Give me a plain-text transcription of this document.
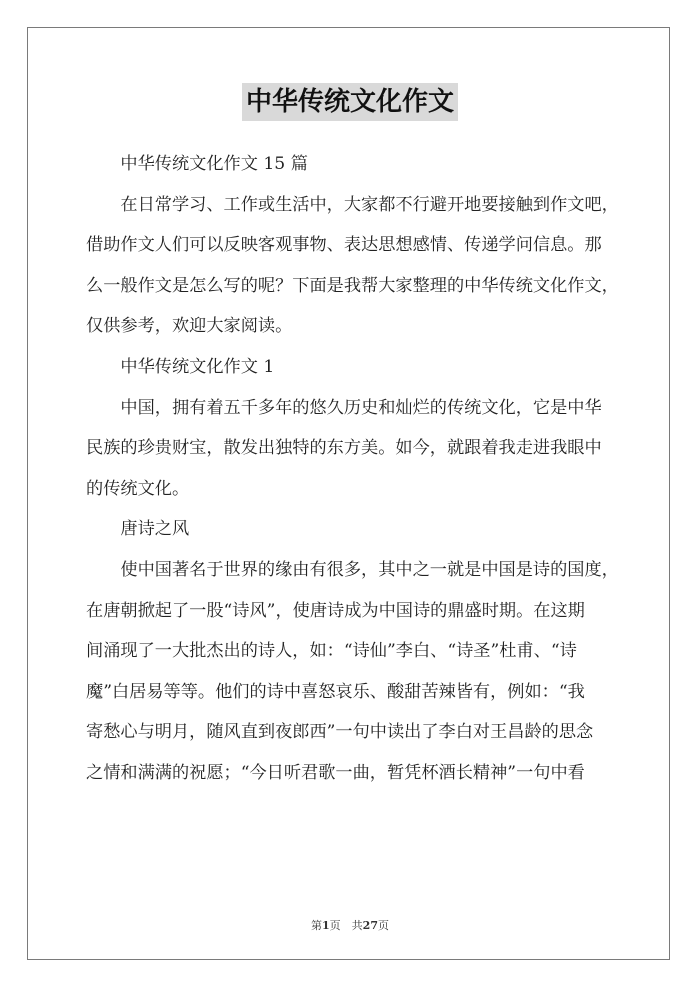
中华传统文化作文
中华传统文化作文 15 篇
在日常学习、工作或生活中，大家都不行避开地要接触到作文吧，
借助作文人们可以反映客观事物、表达思想感情、传递学问信息。那
么一般作文是怎么写的呢？下面是我帮大家整理的中华传统文化作文，
仅供参考，欢迎大家阅读。
中华传统文化作文 1
中国，拥有着五千多年的悠久历史和灿烂的传统文化，它是中华
民族的珍贵财宝，散发出独特的东方美。如今，就跟着我走进我眼中
的传统文化。
唐诗之风
使中国著名于世界的缘由有很多，其中之一就是中国是诗的国度，
在唐朝掀起了一股“诗风”，使唐诗成为中国诗的鼎盛时期。在这期
间涌现了一大批杰出的诗人，如：“诗仙”李白、“诗圣”杜甫、“诗
魔”白居易等等。他们的诗中喜怒哀乐、酸甜苦辣皆有，例如：“我
寄愁心与明月，随风直到夜郎西”一句中读出了李白对王昌龄的思念
之情和满满的祝愿；“今日听君歌一曲，暂凭杯酒长精神”一句中看
第1页　共27页
